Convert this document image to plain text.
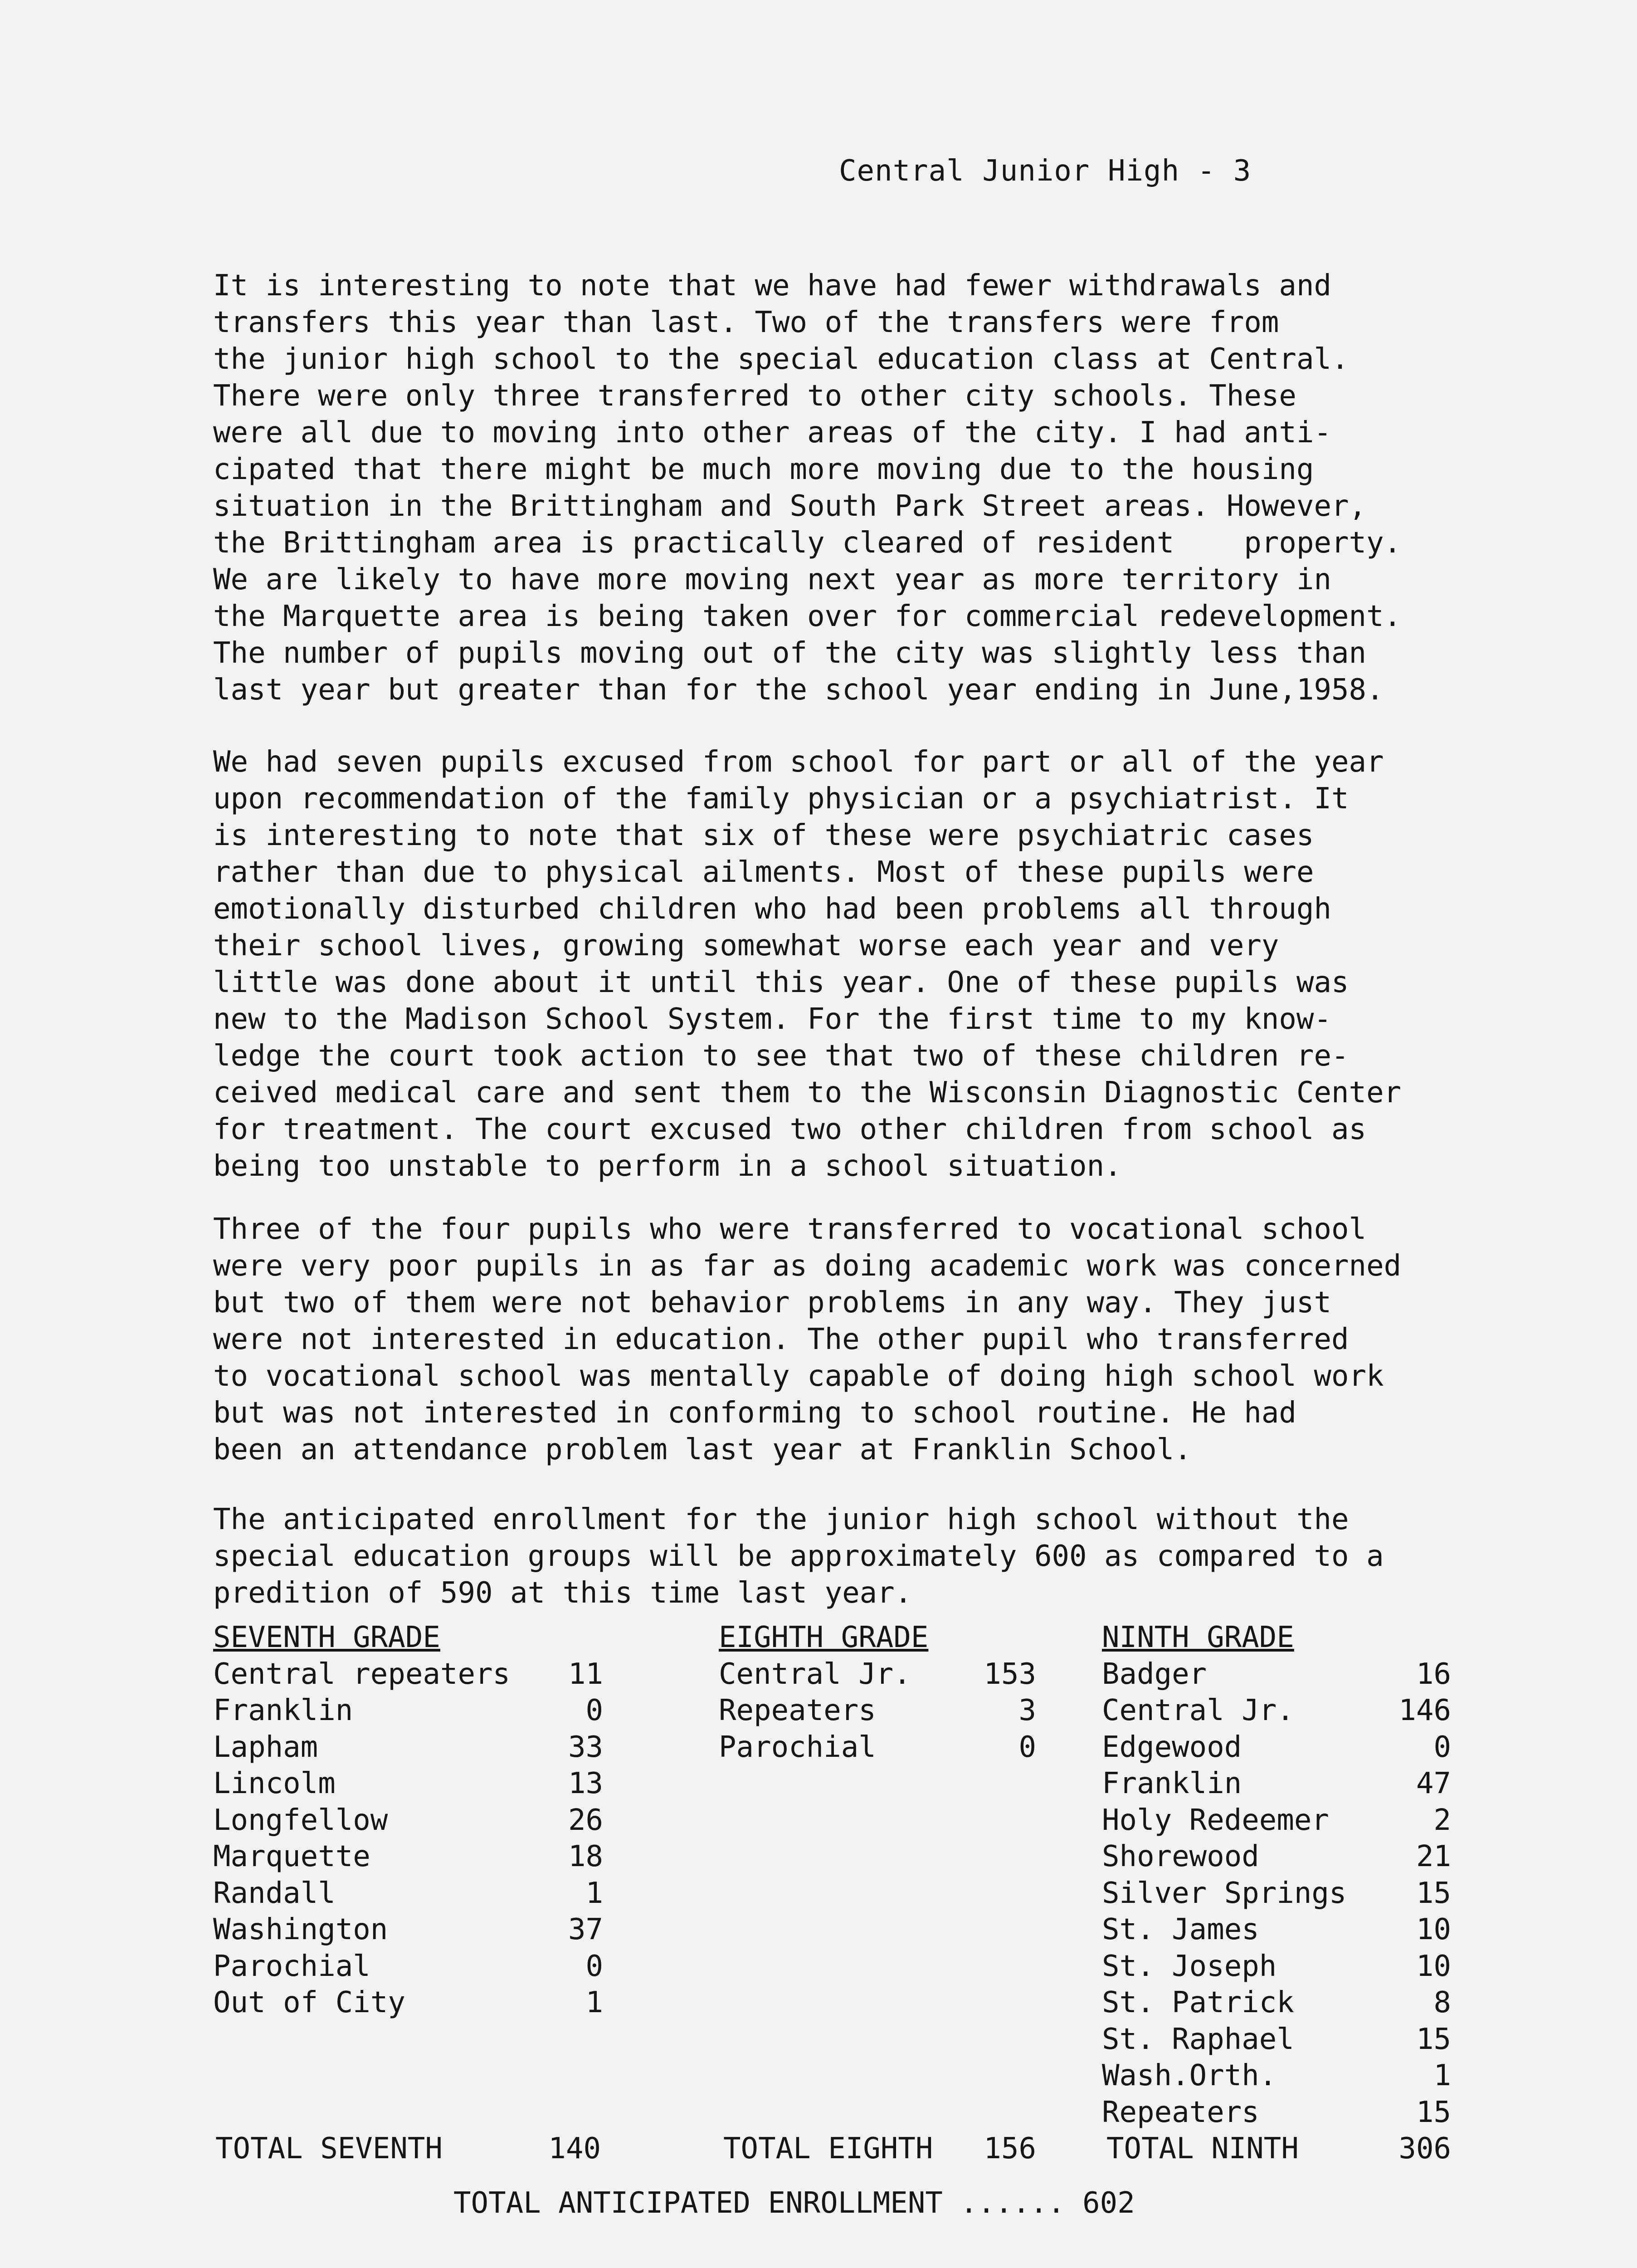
Central Junior High - 3
It is interesting to note that we have had fewer withdrawals and
transfers this year than last. Two of the transfers were from
the junior high school to the special education class at Central.
There were only three transferred to other city schools. These
were all due to moving into other areas of the city. I had anti-
cipated that there might be much more moving due to the housing
situation in the Brittingham and South Park Street areas. However,
the Brittingham area is practically cleared of resident    property.
We are likely to have more moving next year as more territory in
the Marquette area is being taken over for commercial redevelopment.
The number of pupils moving out of the city was slightly less than
last year but greater than for the school year ending in June,1958.
We had seven pupils excused from school for part or all of the year
upon recommendation of the family physician or a psychiatrist. It
is interesting to note that six of these were psychiatric cases
rather than due to physical ailments. Most of these pupils were
emotionally disturbed children who had been problems all through
their school lives, growing somewhat worse each year and very
little was done about it until this year. One of these pupils was
new to the Madison School System. For the first time to my know-
ledge the court took action to see that two of these children re-
ceived medical care and sent them to the Wisconsin Diagnostic Center
for treatment. The court excused two other children from school as
being too unstable to perform in a school situation.
Three of the four pupils who were transferred to vocational school
were very poor pupils in as far as doing academic work was concerned
but two of them were not behavior problems in any way. They just
were not interested in education. The other pupil who transferred
to vocational school was mentally capable of doing high school work
but was not interested in conforming to school routine. He had
been an attendance problem last year at Franklin School.
The anticipated enrollment for the junior high school without the
special education groups will be approximately 600 as compared to a
predition of 590 at this time last year.
SEVENTH GRADE
Central repeaters 11
Franklin	0
Lapham	33
Lincolm	13
Longfellow	26
Marquette	18
Randall	1
Washington	37
Parochial	0
Out of City	1
EIGHTH GRADE
Central Jr.	153
Repeaters	3
Parochial	0
NINTH GRADE
Badger	16
Central Jr.	146
Edgewood	0
Franklin	47
Holy Redeemer	2
Shorewood	21
Silver Springs 15
St. James	10
St. Joseph	10
St. Patrick	8
St. Raphael	15
Wash.Orth.	1
Repeaters	15
TOTAL SEVENTH	140	TOTAL EIGHTH 156 TOTAL NINTH	306
TOTAL ANTICIPATED ENROLLMENT ...... 602
